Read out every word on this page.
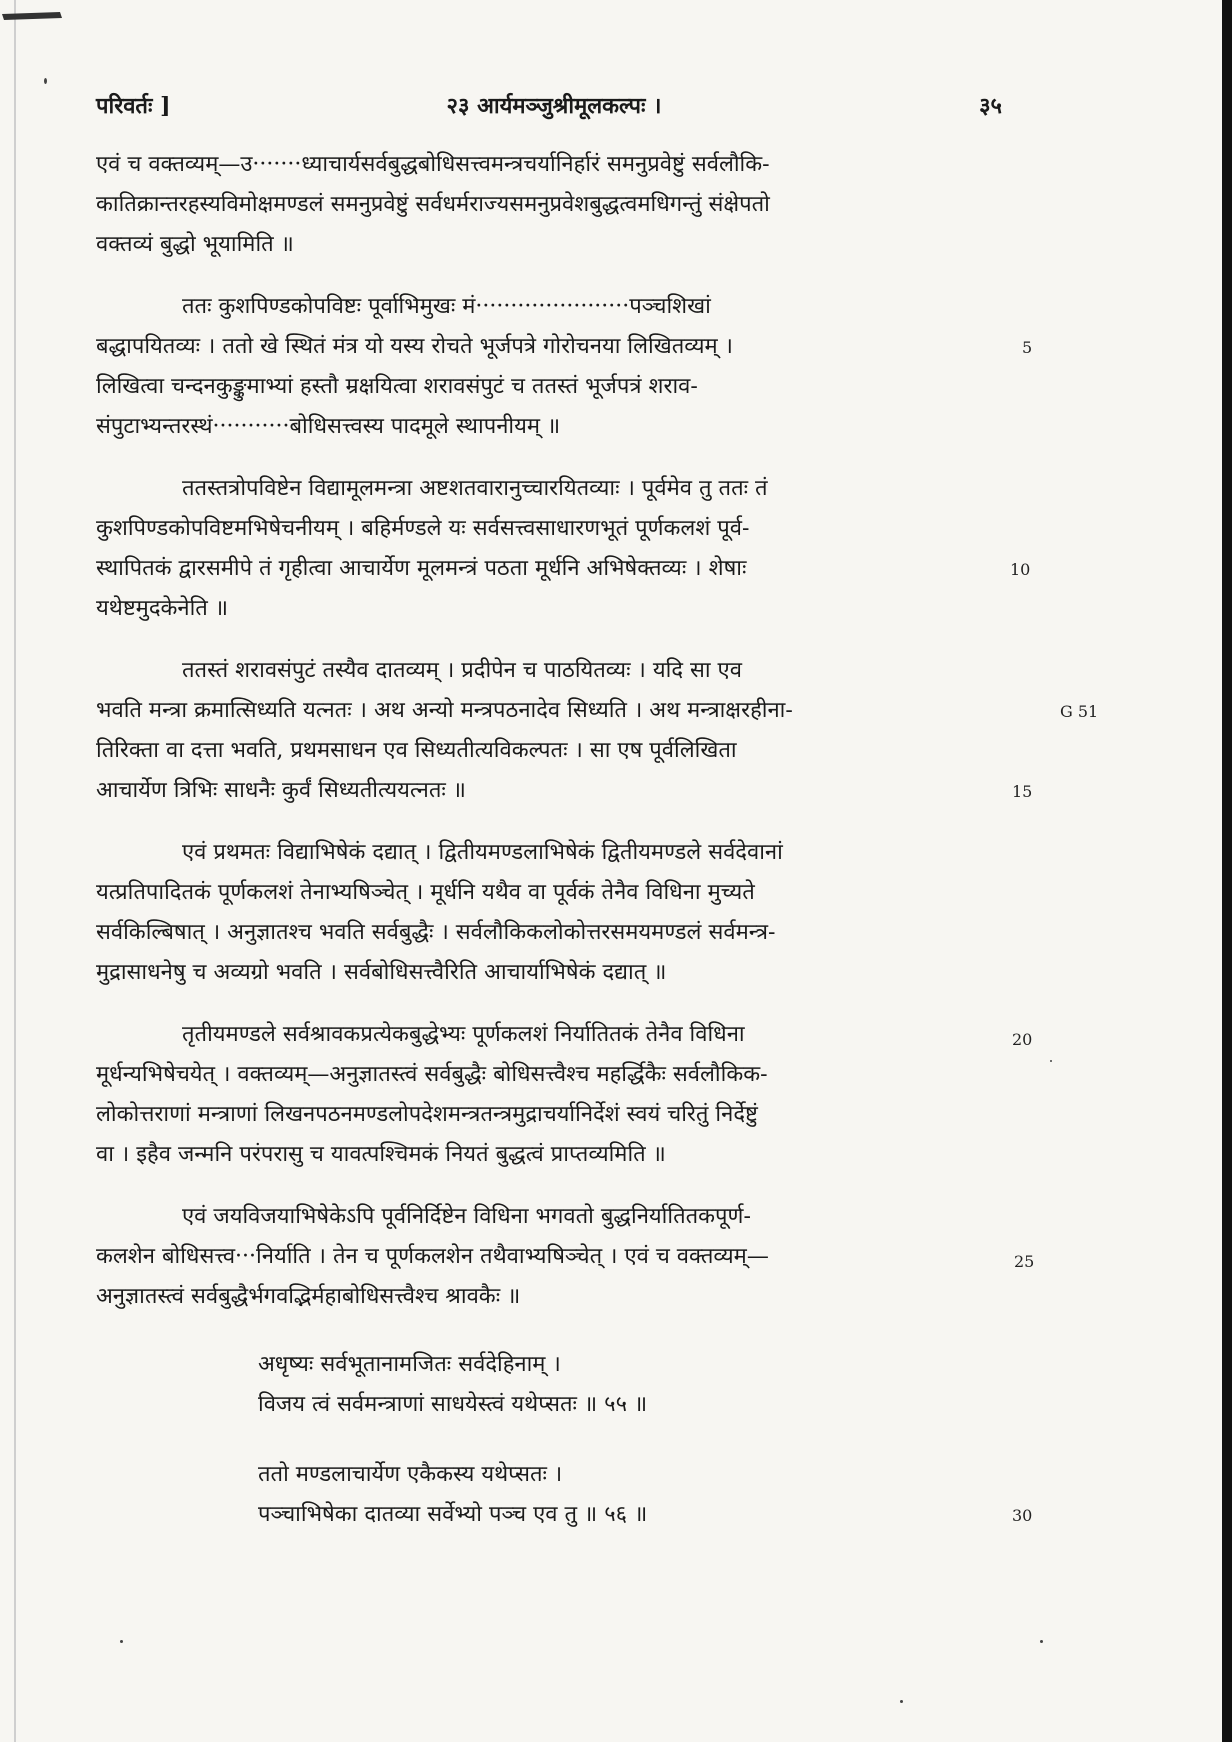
परिवर्तः ]	२३ आर्यमञ्जुश्रीमूलकल्पः ।	३५
एवं च वक्तव्यम्—उ·······ध्याचार्यसर्वबुद्धबोधिसत्त्वमन्त्रचर्यानिर्हारं समनुप्रवेष्टुं सर्वलौकि-
कातिक्रान्तरहस्यविमोक्षमण्डलं समनुप्रवेष्टुं सर्वधर्मराज्यसमनुप्रवेशबुद्धत्वमधिगन्तुं संक्षेपतो
वक्तव्यं बुद्धो भूयामिति ॥
ततः कुशपिण्डकोपविष्टः पूर्वाभिमुखः मं······················पञ्चशिखां
बद्धापयितव्यः । ततो खे स्थितं मंत्र यो यस्य रोचते भूर्जपत्रे गोरोचनया लिखितव्यम् ।
लिखित्वा चन्दनकुङ्कुमाभ्यां हस्तौ म्रक्षयित्वा शरावसंपुटं च ततस्तं भूर्जपत्रं शराव-
संपुटाभ्यन्तरस्थं···········बोधिसत्त्वस्य पादमूले स्थापनीयम् ॥
ततस्तत्रोपविष्टेन विद्यामूलमन्त्रा अष्टशतवारानुच्चारयितव्याः । पूर्वमेव तु ततः तं
कुशपिण्डकोपविष्टमभिषेचनीयम् । बहिर्मण्डले यः सर्वसत्त्वसाधारणभूतं पूर्णकलशं पूर्व-
स्थापितकं द्वारसमीपे तं गृहीत्वा आचार्येण मूलमन्त्रं पठता मूर्धनि अभिषेक्तव्यः । शेषाः
यथेष्टमुदकेनेति ॥
ततस्तं शरावसंपुटं तस्यैव दातव्यम् । प्रदीपेन च पाठयितव्यः । यदि सा एव
भवति मन्त्रा क्रमात्सिध्यति यत्नतः । अथ अन्यो मन्त्रपठनादेव सिध्यति । अथ मन्त्राक्षरहीना-
तिरिक्ता वा दत्ता भवति, प्रथमसाधन एव सिध्यतीत्यविकल्पतः । सा एष पूर्वलिखिता
आचार्येण त्रिभिः साधनैः कुर्वं सिध्यतीत्ययत्नतः ॥
एवं प्रथमतः विद्याभिषेकं दद्यात् । द्वितीयमण्डलाभिषेकं द्वितीयमण्डले सर्वदेवानां
यत्प्रतिपादितकं पूर्णकलशं तेनाभ्यषिञ्चेत् । मूर्धनि यथैव वा पूर्वकं तेनैव विधिना मुच्यते
सर्वकिल्बिषात् । अनुज्ञातश्च भवति सर्वबुद्धैः । सर्वलौकिकलोकोत्तरसमयमण्डलं सर्वमन्त्र-
मुद्रासाधनेषु च अव्यग्रो भवति । सर्वबोधिसत्त्वैरिति आचार्याभिषेकं दद्यात् ॥
तृतीयमण्डले सर्वश्रावकप्रत्येकबुद्धेभ्यः पूर्णकलशं निर्यातितकं तेनैव विधिना
मूर्धन्यभिषेचयेत् । वक्तव्यम्—अनुज्ञातस्त्वं सर्वबुद्धैः बोधिसत्त्वैश्च महर्द्धिकैः सर्वलौकिक-
लोकोत्तराणां मन्त्राणां लिखनपठनमण्डलोपदेशमन्त्रतन्त्रमुद्राचर्यानिर्देशं स्वयं चरितुं निर्देष्टुं
वा । इहैव जन्मनि परंपरासु च यावत्पश्चिमकं नियतं बुद्धत्वं प्राप्तव्यमिति ॥
एवं जयविजयाभिषेकेऽपि पूर्वनिर्दिष्टेन विधिना भगवतो बुद्धनिर्यातितकपूर्ण-
कलशेन बोधिसत्त्व···निर्याति । तेन च पूर्णकलशेन तथैवाभ्यषिञ्चेत् । एवं च वक्तव्यम्—
अनुज्ञातस्त्वं सर्वबुद्धैर्भगवद्भिर्महाबोधिसत्त्वैश्च श्रावकैः ॥
अधृष्यः सर्वभूतानामजितः सर्वदेहिनाम् ।
विजय त्वं सर्वमन्त्राणां साधयेस्त्वं यथेप्सतः ॥ ५५ ॥
ततो मण्डलाचार्येण एकैकस्य यथेप्सतः ।
पञ्चाभिषेका दातव्या सर्वेभ्यो पञ्च एव तु ॥ ५६ ॥
5
10
G 51
15
20
25
30
